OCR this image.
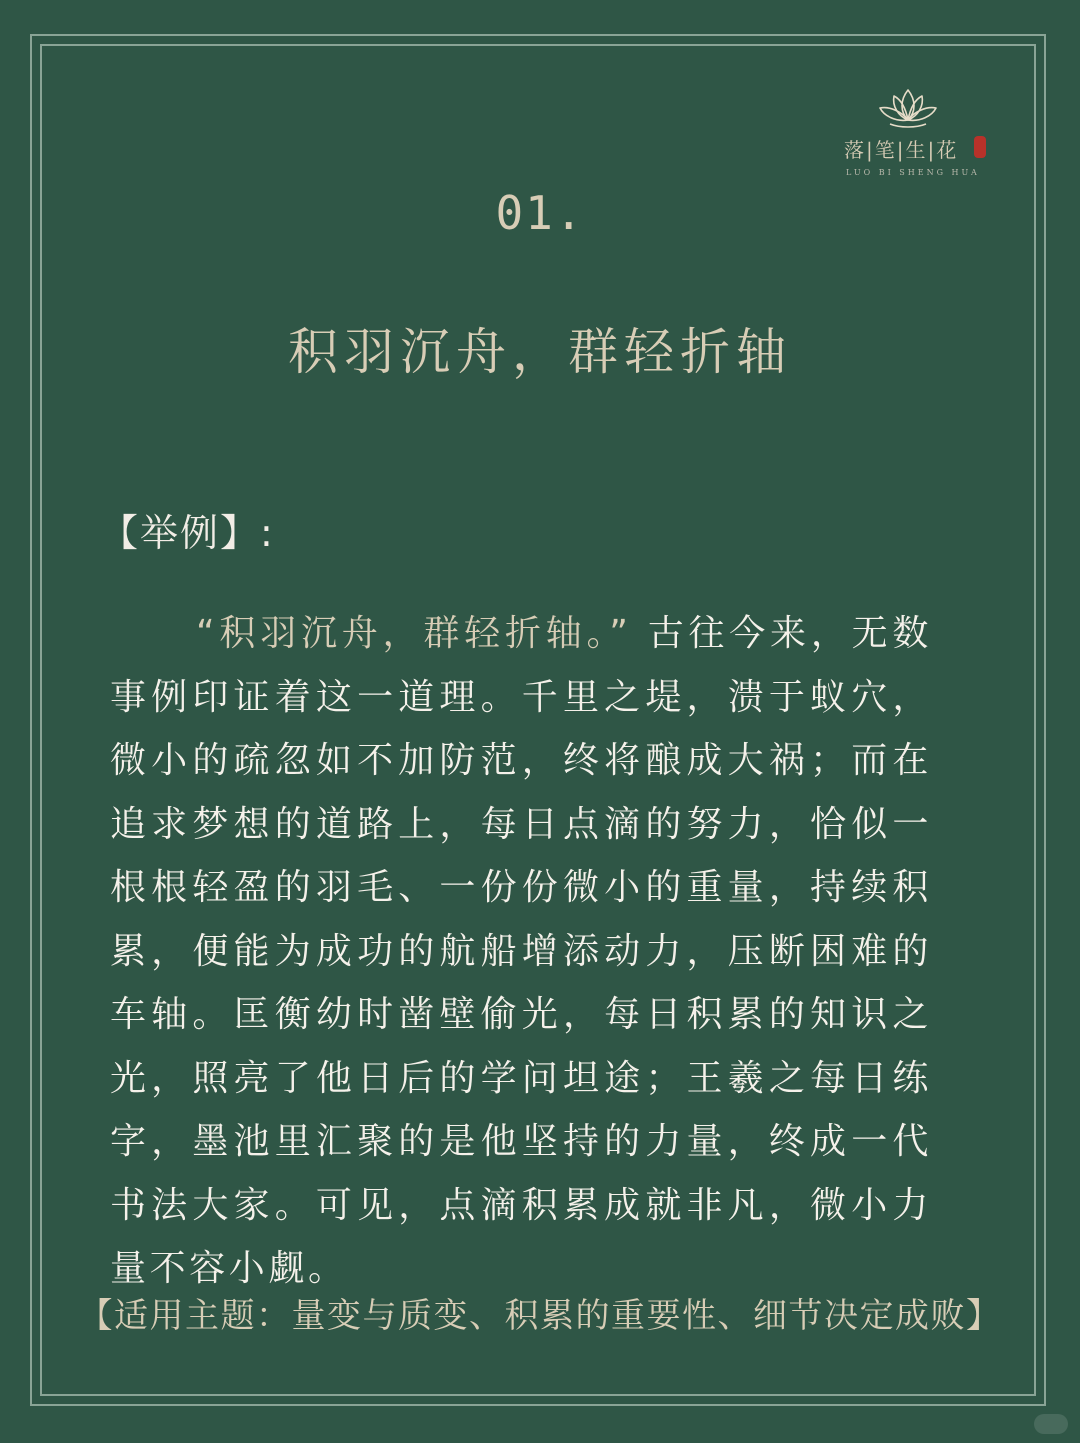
落|笔|生|花
LUO BI SHENG HUA
01.
积羽沉舟，群轻折轴
【举例】:
“积羽沉舟，群轻折轴。” 古往今来，无数事例印证着这一道理。千里之堤，溃于蚁穴，微小的疏忽如不加防范，终将酿成大祸；而在追求梦想的道路上，每日点滴的努力，恰似一根根轻盈的羽毛、一份份微小的重量，持续积累，便能为成功的航船增添动力，压断困难的车轴。匡衡幼时凿壁偷光，每日积累的知识之光，照亮了他日后的学问坦途；王羲之每日练字，墨池里汇聚的是他坚持的力量，终成一代书法大家。可见，点滴积累成就非凡，微小力量不容小觑。
【适用主题：量变与质变、积累的重要性、细节决定成败】
